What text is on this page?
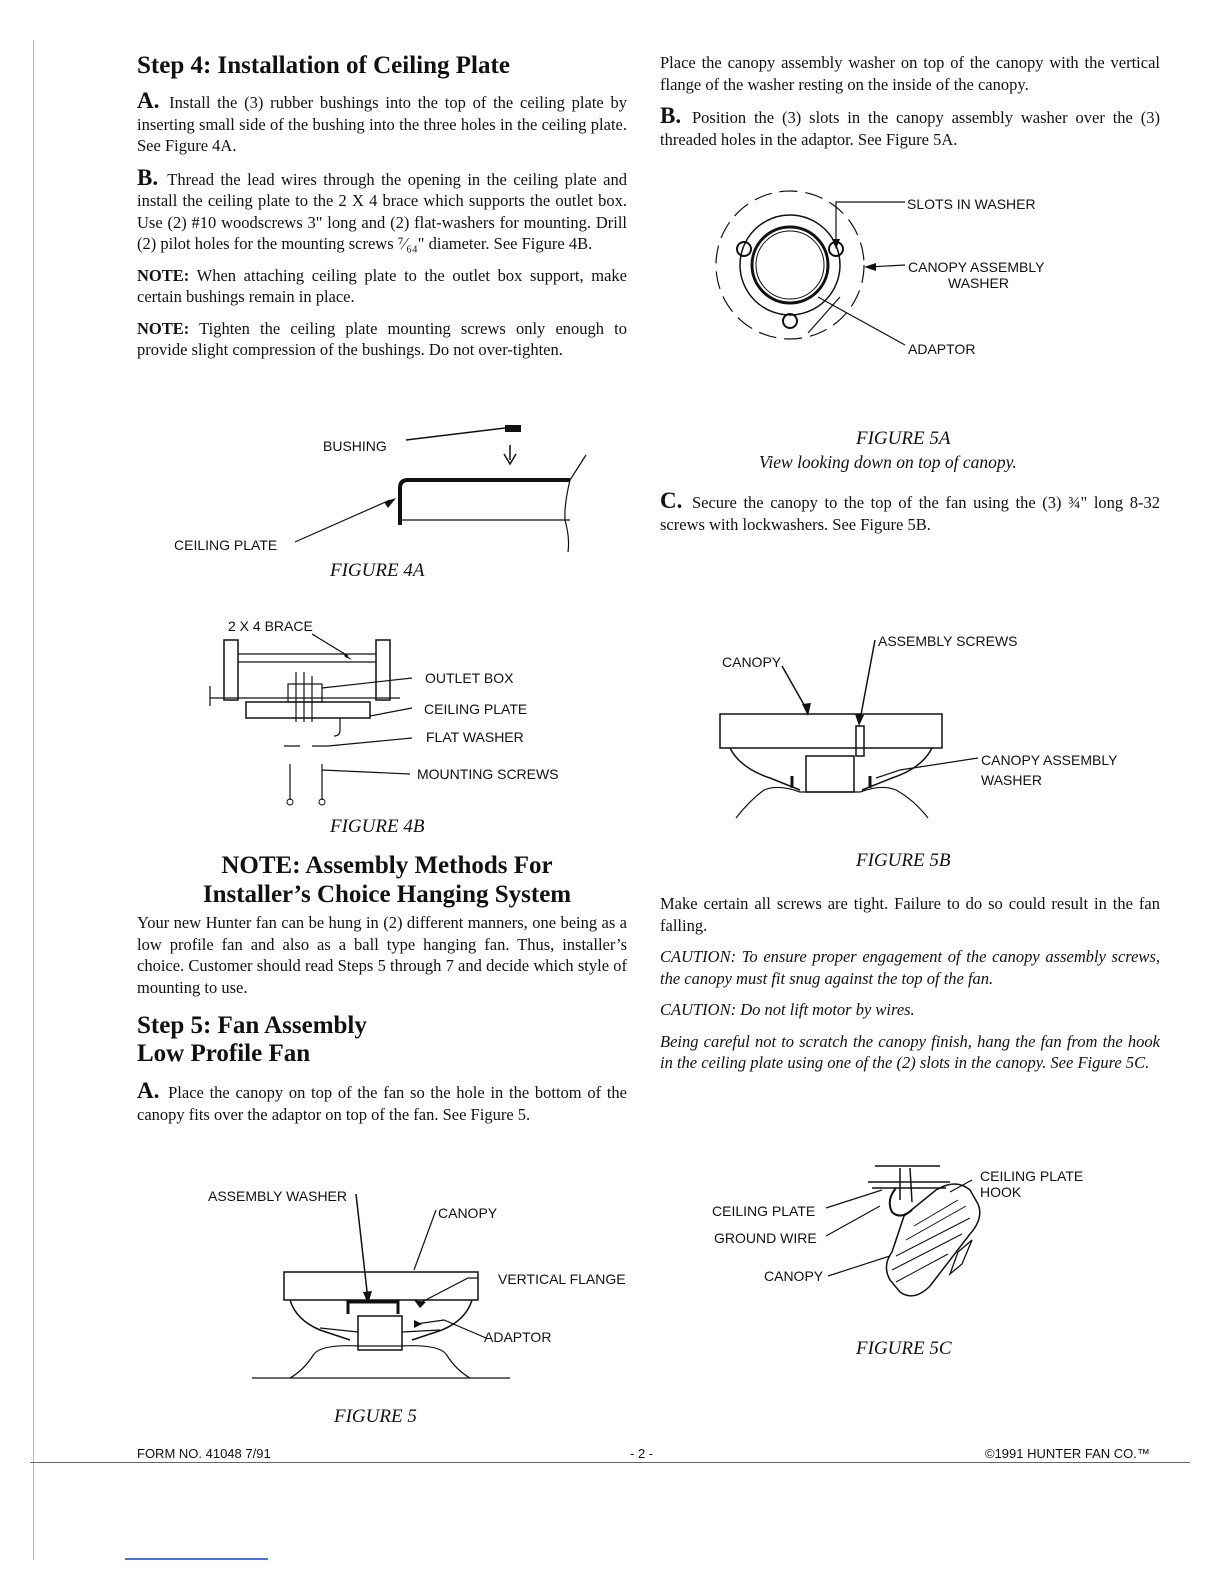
Step 4: Installation of Ceiling Plate

A. Install the (3) rubber bushings into the top of the ceiling plate by inserting small side of the bushing into the three holes in the ceiling plate. See Figure 4A.

B. Thread the lead wires through the opening in the ceiling plate and install the ceiling plate to the 2 X 4 brace which supports the outlet box. Use (2) #10 woodscrews 3" long and (2) flat-washers for mounting. Drill (2) pilot holes for the mounting screws ⁷⁄₆₄" diameter. See Figure 4B.

NOTE: When attaching ceiling plate to the outlet box support, make certain bushings remain in place.

NOTE: Tighten the ceiling plate mounting screws only enough to provide slight compression of the bushings. Do not over-tighten.

BUSHING
CEILING PLATE
FIGURE 4A
2 X 4 BRACE
OUTLET BOX
CEILING PLATE
FLAT WASHER
MOUNTING SCREWS
FIGURE 4B
NOTE: Assembly Methods For
Installer’s Choice Hanging System

Your new Hunter fan can be hung in (2) different manners, one being as a low profile fan and also as a ball type hanging fan. Thus, installer’s choice. Customer should read Steps 5 through 7 and decide which style of mounting to use.

Step 5: Fan Assembly
Low Profile Fan

A. Place the canopy on top of the fan so the hole in the bottom of the canopy fits over the adaptor on top of the fan. See Figure 5.

ASSEMBLY WASHER
CANOPY
VERTICAL FLANGE
ADAPTOR
FIGURE 5

Place the canopy assembly washer on top of the canopy with the vertical flange of the washer resting on the inside of the canopy.

B. Position the (3) slots in the canopy assembly washer over the (3) threaded holes in the adaptor. See Figure 5A.

SLOTS IN WASHER
CANOPY ASSEMBLY
WASHER
ADAPTOR
FIGURE 5A
View looking down on top of canopy.

C. Secure the canopy to the top of the fan using the (3) ¾" long 8-32 screws with lockwashers. See Figure 5B.

CANOPY
ASSEMBLY SCREWS
CANOPY ASSEMBLY
WASHER
FIGURE 5B

Make certain all screws are tight. Failure to do so could result in the fan falling.

CAUTION: To ensure proper engagement of the canopy assembly screws, the canopy must fit snug against the top of the fan.

CAUTION: Do not lift motor by wires.

Being careful not to scratch the canopy finish, hang the fan from the hook in the ceiling plate using one of the (2) slots in the canopy. See Figure 5C.

CEILING PLATE
HOOK
CEILING PLATE
GROUND WIRE
CANOPY
FIGURE 5C
FORM NO. 41048 7/91	- 2 -	©1991 HUNTER FAN CO.™
